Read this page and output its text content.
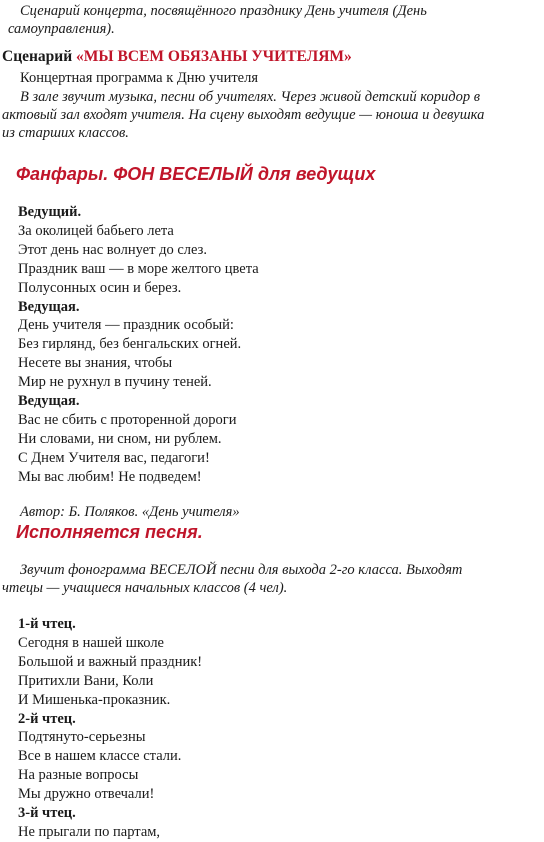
Сценарий концерта, посвящённого празднику День учителя (День
самоуправления).
Сценарий «МЫ ВСЕМ ОБЯЗАНЫ УЧИТЕЛЯМ»
Концертная программа к Дню учителя
В зале звучит музыка, песни об учителях. Через живой детский коридор в
актовый зал входят учителя. На сцену выходят ведущие — юноша и девушка
из старших классов.
Фанфары. ФОН ВЕСЕЛЫЙ для ведущих
Ведущий.
За околицей бабьего лета
Этот день нас волнует до слез.
Праздник ваш — в море желтого цвета
Полусонных осин и берез.
Ведущая.
День учителя — праздник особый:
Без гирлянд, без бенгальских огней.
Несете вы знания, чтобы
Мир не рухнул в пучину теней.
Ведущая.
Вас не сбить с проторенной дороги
Ни словами, ни сном, ни рублем.
С Днем Учителя вас, педагоги!
Мы вас любим! Не подведем!
Автор: Б. Поляков. «День учителя»
Исполняется песня.
Звучит фонограмма ВЕСЕЛОЙ песни для выхода 2-го класса. Выходят
чтецы — учащиеся начальных классов (4 чел).
1-й чтец.
Сегодня в нашей школе
Большой и важный праздник!
Притихли Вани, Коли
И Мишенька-проказник.
2-й чтец.
Подтянуто-серьезны
Все в нашем классе стали.
На разные вопросы
Мы дружно отвечали!
3-й чтец.
Не прыгали по партам,
